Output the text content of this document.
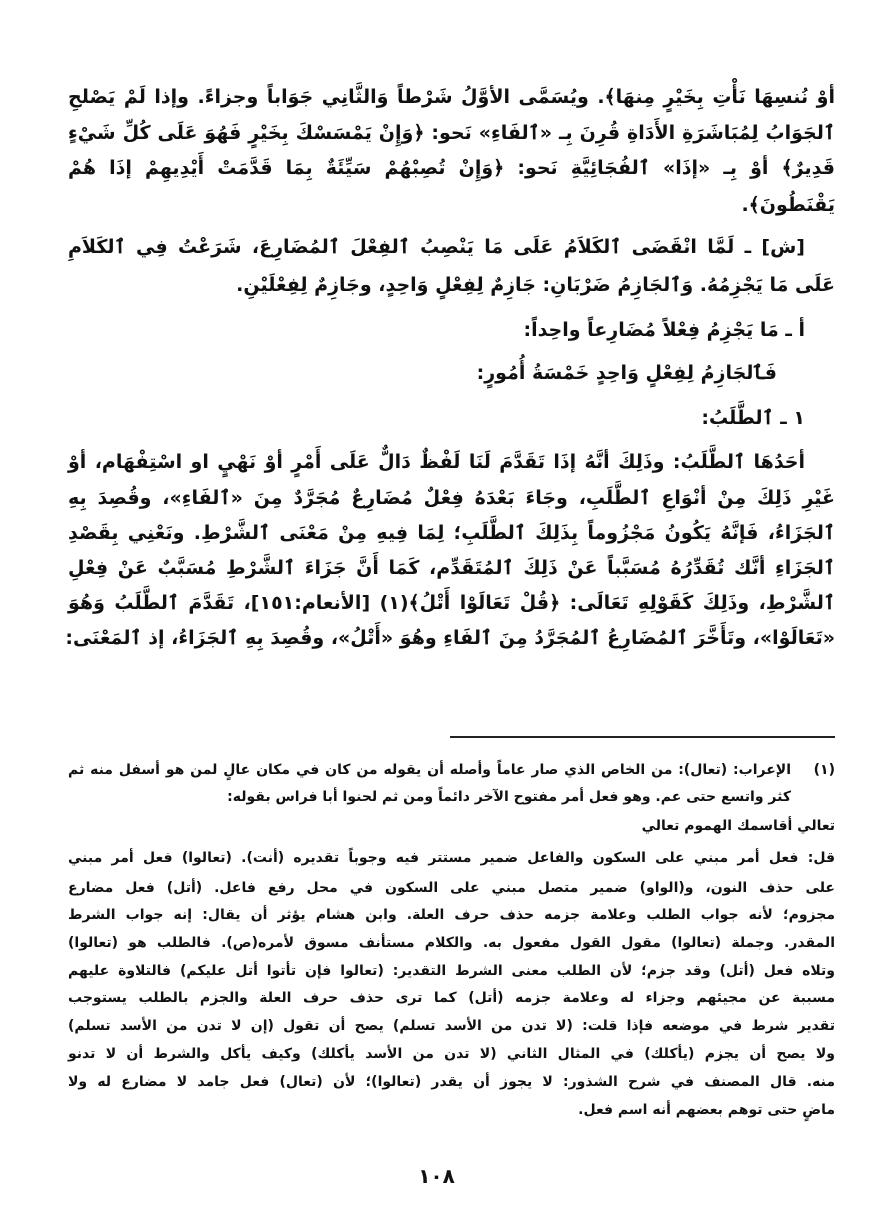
أوْ نُنسِهَا نَأْتِ بِخَيْرٍ مِنهَا﴾. ويُسَمَّى الأوَّلُ شَرْطاً وَالثَّانِي جَوَاباً وجزاءً. وإذا لَمْ يَصْلحِ
ٱلجَوَابُ لِمُبَاشَرَةِ الأَدَاةِ قُرِنَ بِـ «ٱلفَاءِ» نَحو: ﴿وَإِنْ يَمْسَسْكَ بِخَيْرٍ فَهُوَ عَلَى كُلِّ شَيْءٍ
قَدِيرٌ﴾ أوْ بِـ «إذَا» ٱلفُجَائِيَّةِ نَحو: ﴿وَإِنْ تُصِبْهُمْ سَيِّئَةٌ بِمَا قَدَّمَتْ أَيْدِيهِمْ إذَا هُمْ
يَقْنَطُونَ﴾.
[ش] ـ لَمَّا انْقَضَى ٱلكَلاَمُ عَلَى مَا يَنْصِبُ ٱلفِعْلَ ٱلمُضَارِعَ، شَرَعْتُ فِي ٱلكَلاَمِ
عَلَى مَا يَجْزِمُهُ. وَٱلجَازِمُ ضَرْبَانِ: جَازِمٌ لِفِعْلٍ وَاحِدٍ، وجَازِمٌ لِفِعْلَيْنِ.
أ ـ مَا يَجْزِمُ فِعْلاً مُضَارِعاً واحِداً:
فَٱلجَازِمُ لِفِعْلٍ وَاحِدٍ خَمْسَةُ أُمُورٍ:
١ ـ ٱلطَّلَبُ:
أحَدُهَا ٱلطَّلَبُ: وذَلِكَ أنَّهُ إذَا تَقَدَّمَ لَنَا لَفْظٌ دَالٌّ عَلَى أَمْرٍ أوْ نَهْيٍ او اسْتِفْهَام، أوْ
غَيْرِ ذَلِكَ مِنْ أنْوَاعِ ٱلطَّلَبِ، وجَاءَ بَعْدَهُ فِعْلٌ مُضَارِعٌ مُجَرَّدٌ مِنَ «ٱلفَاءِ»، وقُصِدَ بِهِ
ٱلجَزَاءُ، فَإنَّهُ يَكُونُ مَجْزُوماً بِذَلِكَ ٱلطَّلَبِ؛ لِمَا فِيهِ مِنْ مَعْنَى ٱلشَّرْطِ. ونَعْنِي بِقَصْدِ
ٱلجَزَاءِ أنَّك تُقَدِّرُهُ مُسَبَّباً عَنْ ذَلِكَ ٱلمُتَقَدِّم، كَمَا أَنَّ جَزَاءَ ٱلشَّرْطِ مُسَبَّبٌ عَنْ فِعْلِ
ٱلشَّرْطِ، وذَلِكَ كَقَوْلِهِ تَعَالَى: ﴿قُلْ تَعَالَوْا أَتْلُ﴾(١) [الأنعام:١٥١]، تَقَدَّمَ ٱلطَّلَبُ وَهُوَ
«تَعَالَوْا»، وتَأَخَّرَ ٱلمُضَارِعُ ٱلمُجَرَّدُ مِنَ ٱلفَاءِ وهُوَ «أَتْلُ»، وقُصِدَ بِهِ ٱلجَزَاءُ، إذ ٱلمَعْنَى:
(١)
الإعراب: (تعال): من الخاص الذي صار عاماً وأصله أن يقوله من كان في مكان عالٍ لمن هو أسفل منه ثم
كثر واتسع حتى عم. وهو فعل أمر مفتوح الآخر دائماً ومن ثم لحنوا أبا فراس بقوله:
تعالي أقاسمك الهموم تعالي
قل: فعل أمر مبني على السكون والفاعل ضمير مستتر فيه وجوباً تقديره (أنت). (تعالوا) فعل أمر مبني
على حذف النون، و(الواو) ضمير متصل مبني على السكون في محل رفع فاعل. (أتل) فعل مضارع
مجزوم؛ لأنه جواب الطلب وعلامة جزمه حذف حرف العلة. وابن هشام يؤثر أن يقال: إنه جواب الشرط
المقدر. وجملة (تعالوا) مقول القول مفعول به. والكلام مستأنف مسوق لأمره(ص). فالطلب هو (تعالوا)
وتلاه فعل (أتل) وقد جزم؛ لأن الطلب معنى الشرط التقدير: (تعالوا فإن تأتوا أتل عليكم) فالتلاوة عليهم
مسببة عن مجيئهم وجزاء له وعلامة جزمه (أتل) كما ترى حذف حرف العلة والجزم بالطلب يستوجب
تقدير شرط في موضعه فإذا قلت: (لا تدن من الأسد تسلم) يصح أن تقول (إن لا تدن من الأسد تسلم)
ولا يصح أن يجزم (يأكلك) في المثال الثاني (لا تدن من الأسد يأكلك) وكيف يأكل والشرط أن لا تدنو
منه. قال المصنف في شرح الشذور: لا يجوز أن يقدر (تعالوا)؛ لأن (تعال) فعل جامد لا مضارع له ولا
ماضٍ حتى توهم بعضهم أنه اسم فعل.
١٠٨
